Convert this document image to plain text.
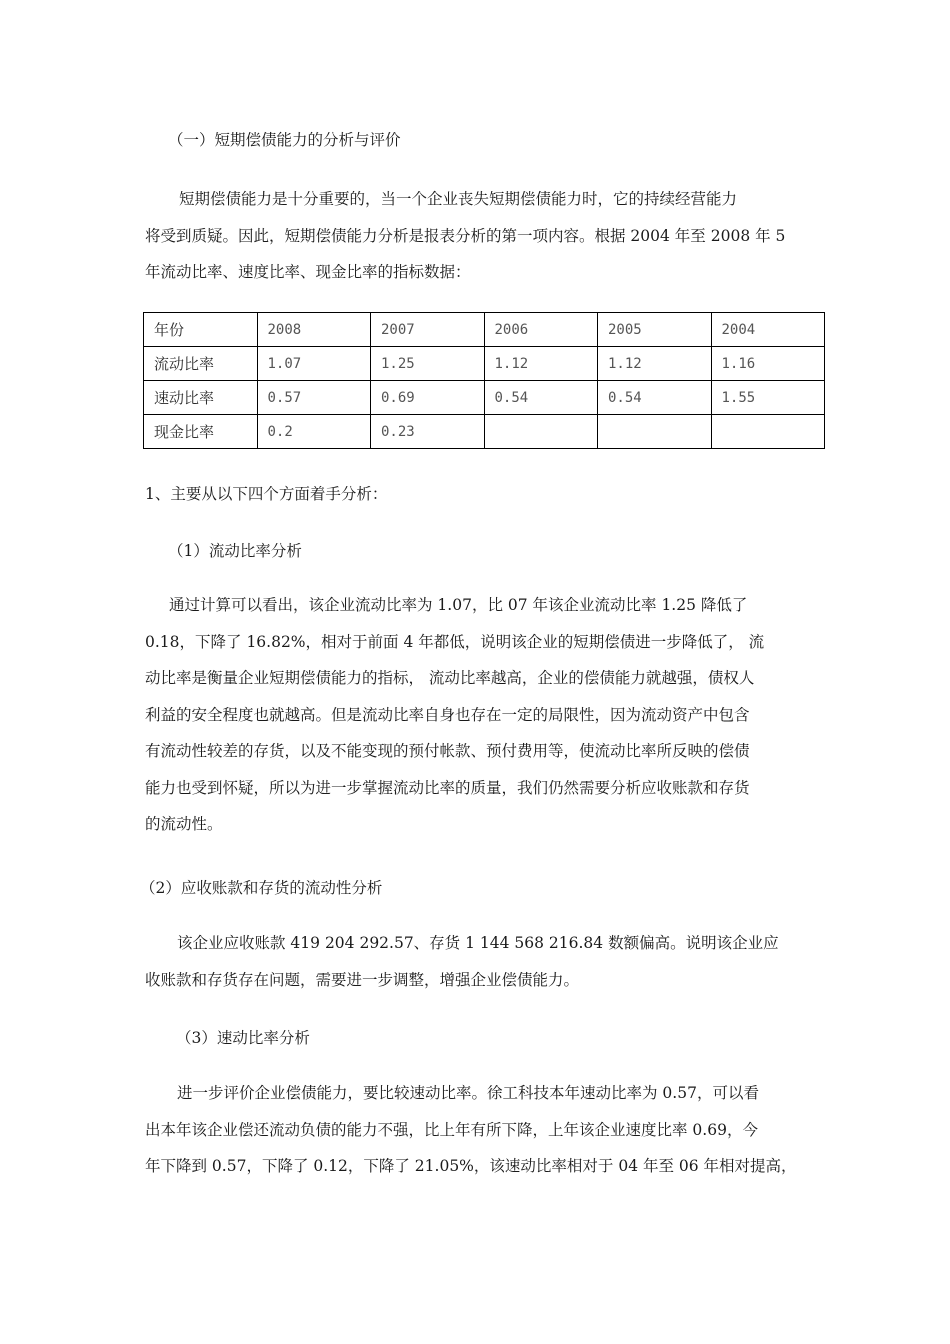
（一）短期偿债能力的分析与评价
短期偿债能力是十分重要的，当一个企业丧失短期偿债能力时，它的持续经营能力
将受到质疑。因此，短期偿债能力分析是报表分析的第一项内容。根据 2004 年至 2008 年 5
年流动比率、速度比率、现金比率的指标数据：
年份	2008	2007	2006	2005	2004
流动比率	1.07	1.25	1.12	1.12	1.16
速动比率	0.57	0.69	0.54	0.54	1.55
现金比率	0.2	0.23			
1、主要从以下四个方面着手分析：
（1）流动比率分析
通过计算可以看出，该企业流动比率为 1.07，比 07 年该企业流动比率 1.25 降低了
0.18，下降了 16.82%，相对于前面 4 年都低，说明该企业的短期偿债进一步降低了， 流
动比率是衡量企业短期偿债能力的指标， 流动比率越高，企业的偿债能力就越强，债权人
利益的安全程度也就越高。但是流动比率自身也存在一定的局限性，因为流动资产中包含
有流动性较差的存货，以及不能变现的预付帐款、预付费用等，使流动比率所反映的偿债
能力也受到怀疑，所以为进一步掌握流动比率的质量，我们仍然需要分析应收账款和存货
的流动性。
（2）应收账款和存货的流动性分析
该企业应收账款 419 204 292.57、存货 1 144 568 216.84 数额偏高。说明该企业应
收账款和存货存在问题，需要进一步调整，增强企业偿债能力。
（3）速动比率分析
进一步评价企业偿债能力，要比较速动比率。徐工科技本年速动比率为 0.57，可以看
出本年该企业偿还流动负债的能力不强，比上年有所下降，上年该企业速度比率 0.69，今
年下降到 0.57，下降了 0.12，下降了 21.05%，该速动比率相对于 04 年至 06 年相对提高，
